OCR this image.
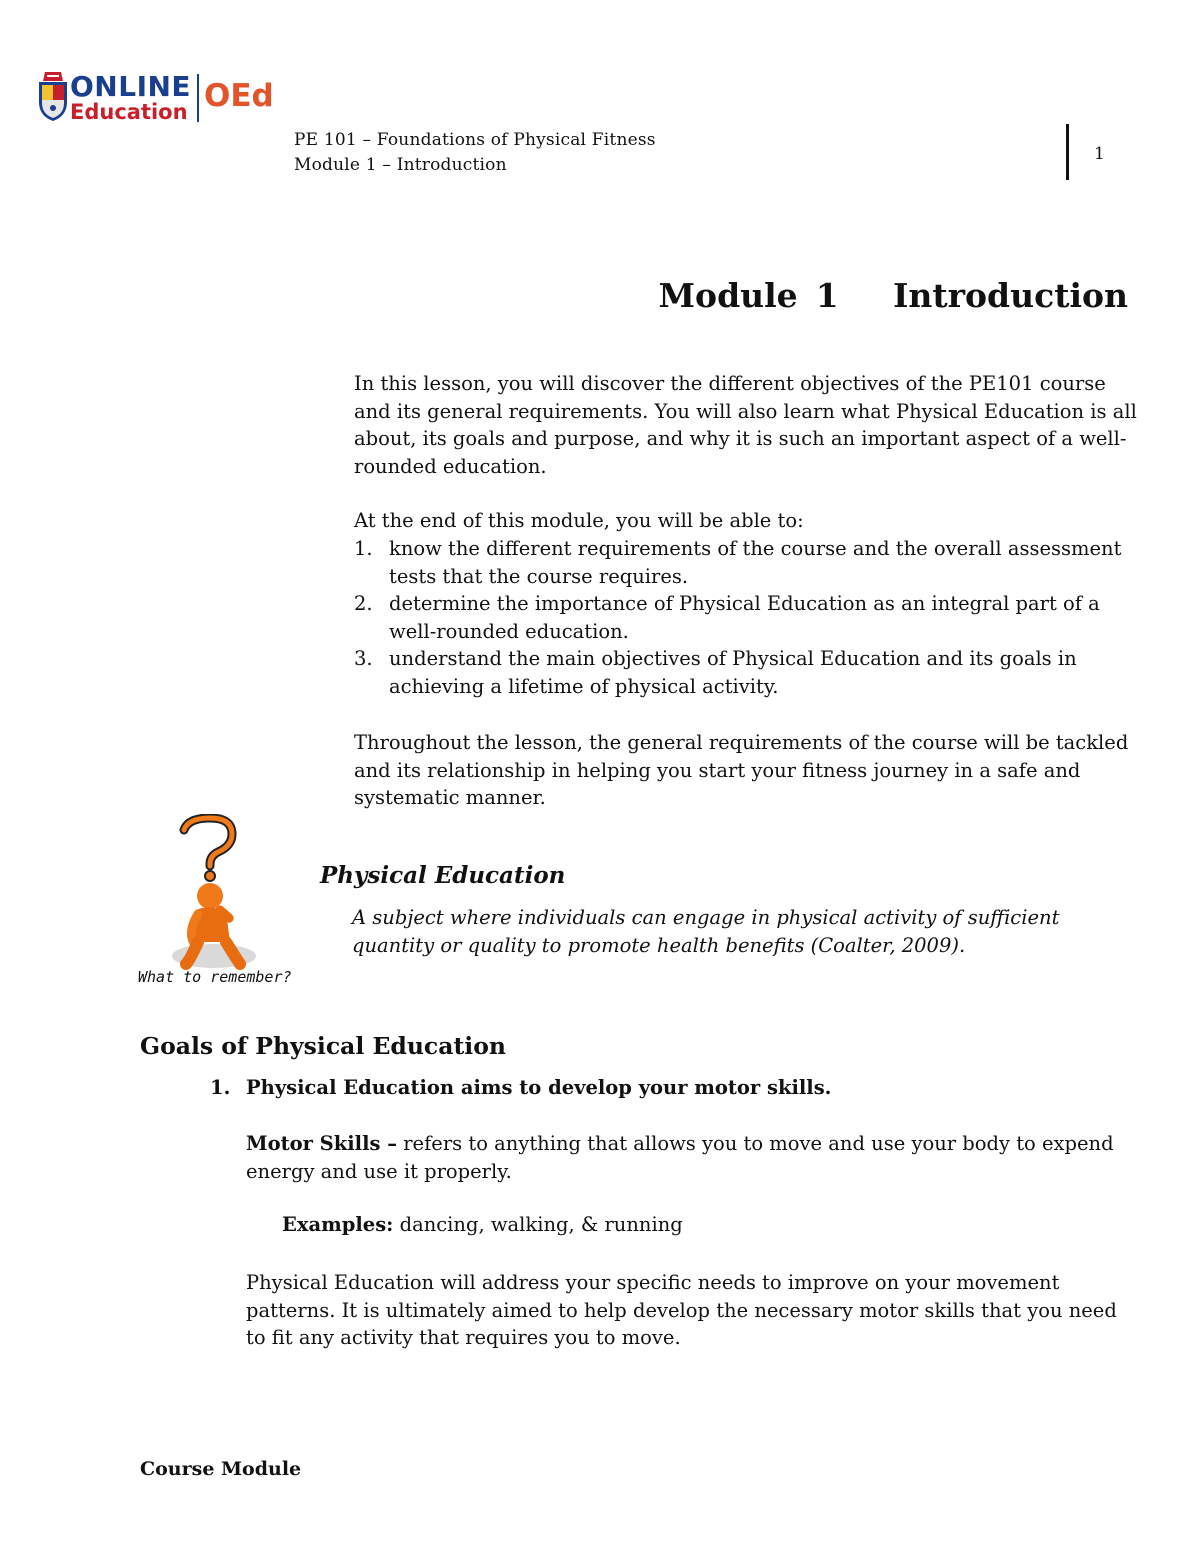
ONLINE
Education OEd
PE 101 – Foundations of Physical Fitness
Module 1 – Introduction
1
Module 1   Introduction
In this lesson, you will discover the different objectives of the PE101 course and its general requirements. You will also learn what Physical Education is all about, its goals and purpose, and why it is such an important aspect of a well-rounded education.
At the end of this module, you will be able to:
1. know the different requirements of the course and the overall assessment tests that the course requires.
2. determine the importance of Physical Education as an integral part of a well-rounded education.
3. understand the main objectives of Physical Education and its goals in achieving a lifetime of physical activity.
Throughout the lesson, the general requirements of the course will be tackled and its relationship in helping you start your fitness journey in a safe and systematic manner.
What to remember?
Physical Education
A subject where individuals can engage in physical activity of sufficient quantity or quality to promote health benefits (Coalter, 2009).
Goals of Physical Education
1. Physical Education aims to develop your motor skills.
Motor Skills – refers to anything that allows you to move and use your body to expend energy and use it properly.
Examples: dancing, walking, & running
Physical Education will address your specific needs to improve on your movement patterns. It is ultimately aimed to help develop the necessary motor skills that you need to fit any activity that requires you to move.
Course Module
